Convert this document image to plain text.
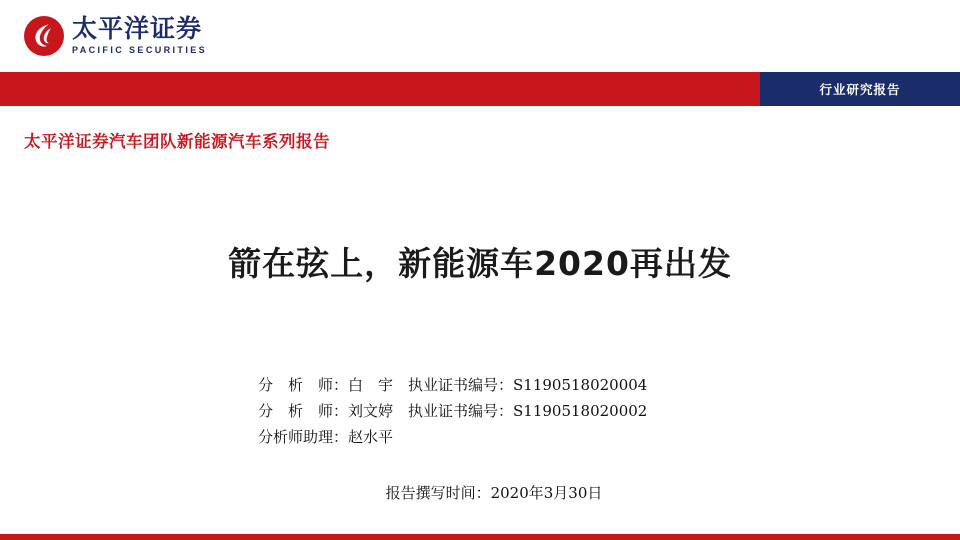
太平洋证券
PACIFIC SECURITIES
行业研究报告
太平洋证券汽车团队新能源汽车系列报告
箭在弦上，新能源车2020再出发
分　析　师：白　宇　执业证书编号：S1190518020004
分　析　师：刘文婷　执业证书编号：S1190518020002
分析师助理：赵水平
报告撰写时间：2020年3月30日
